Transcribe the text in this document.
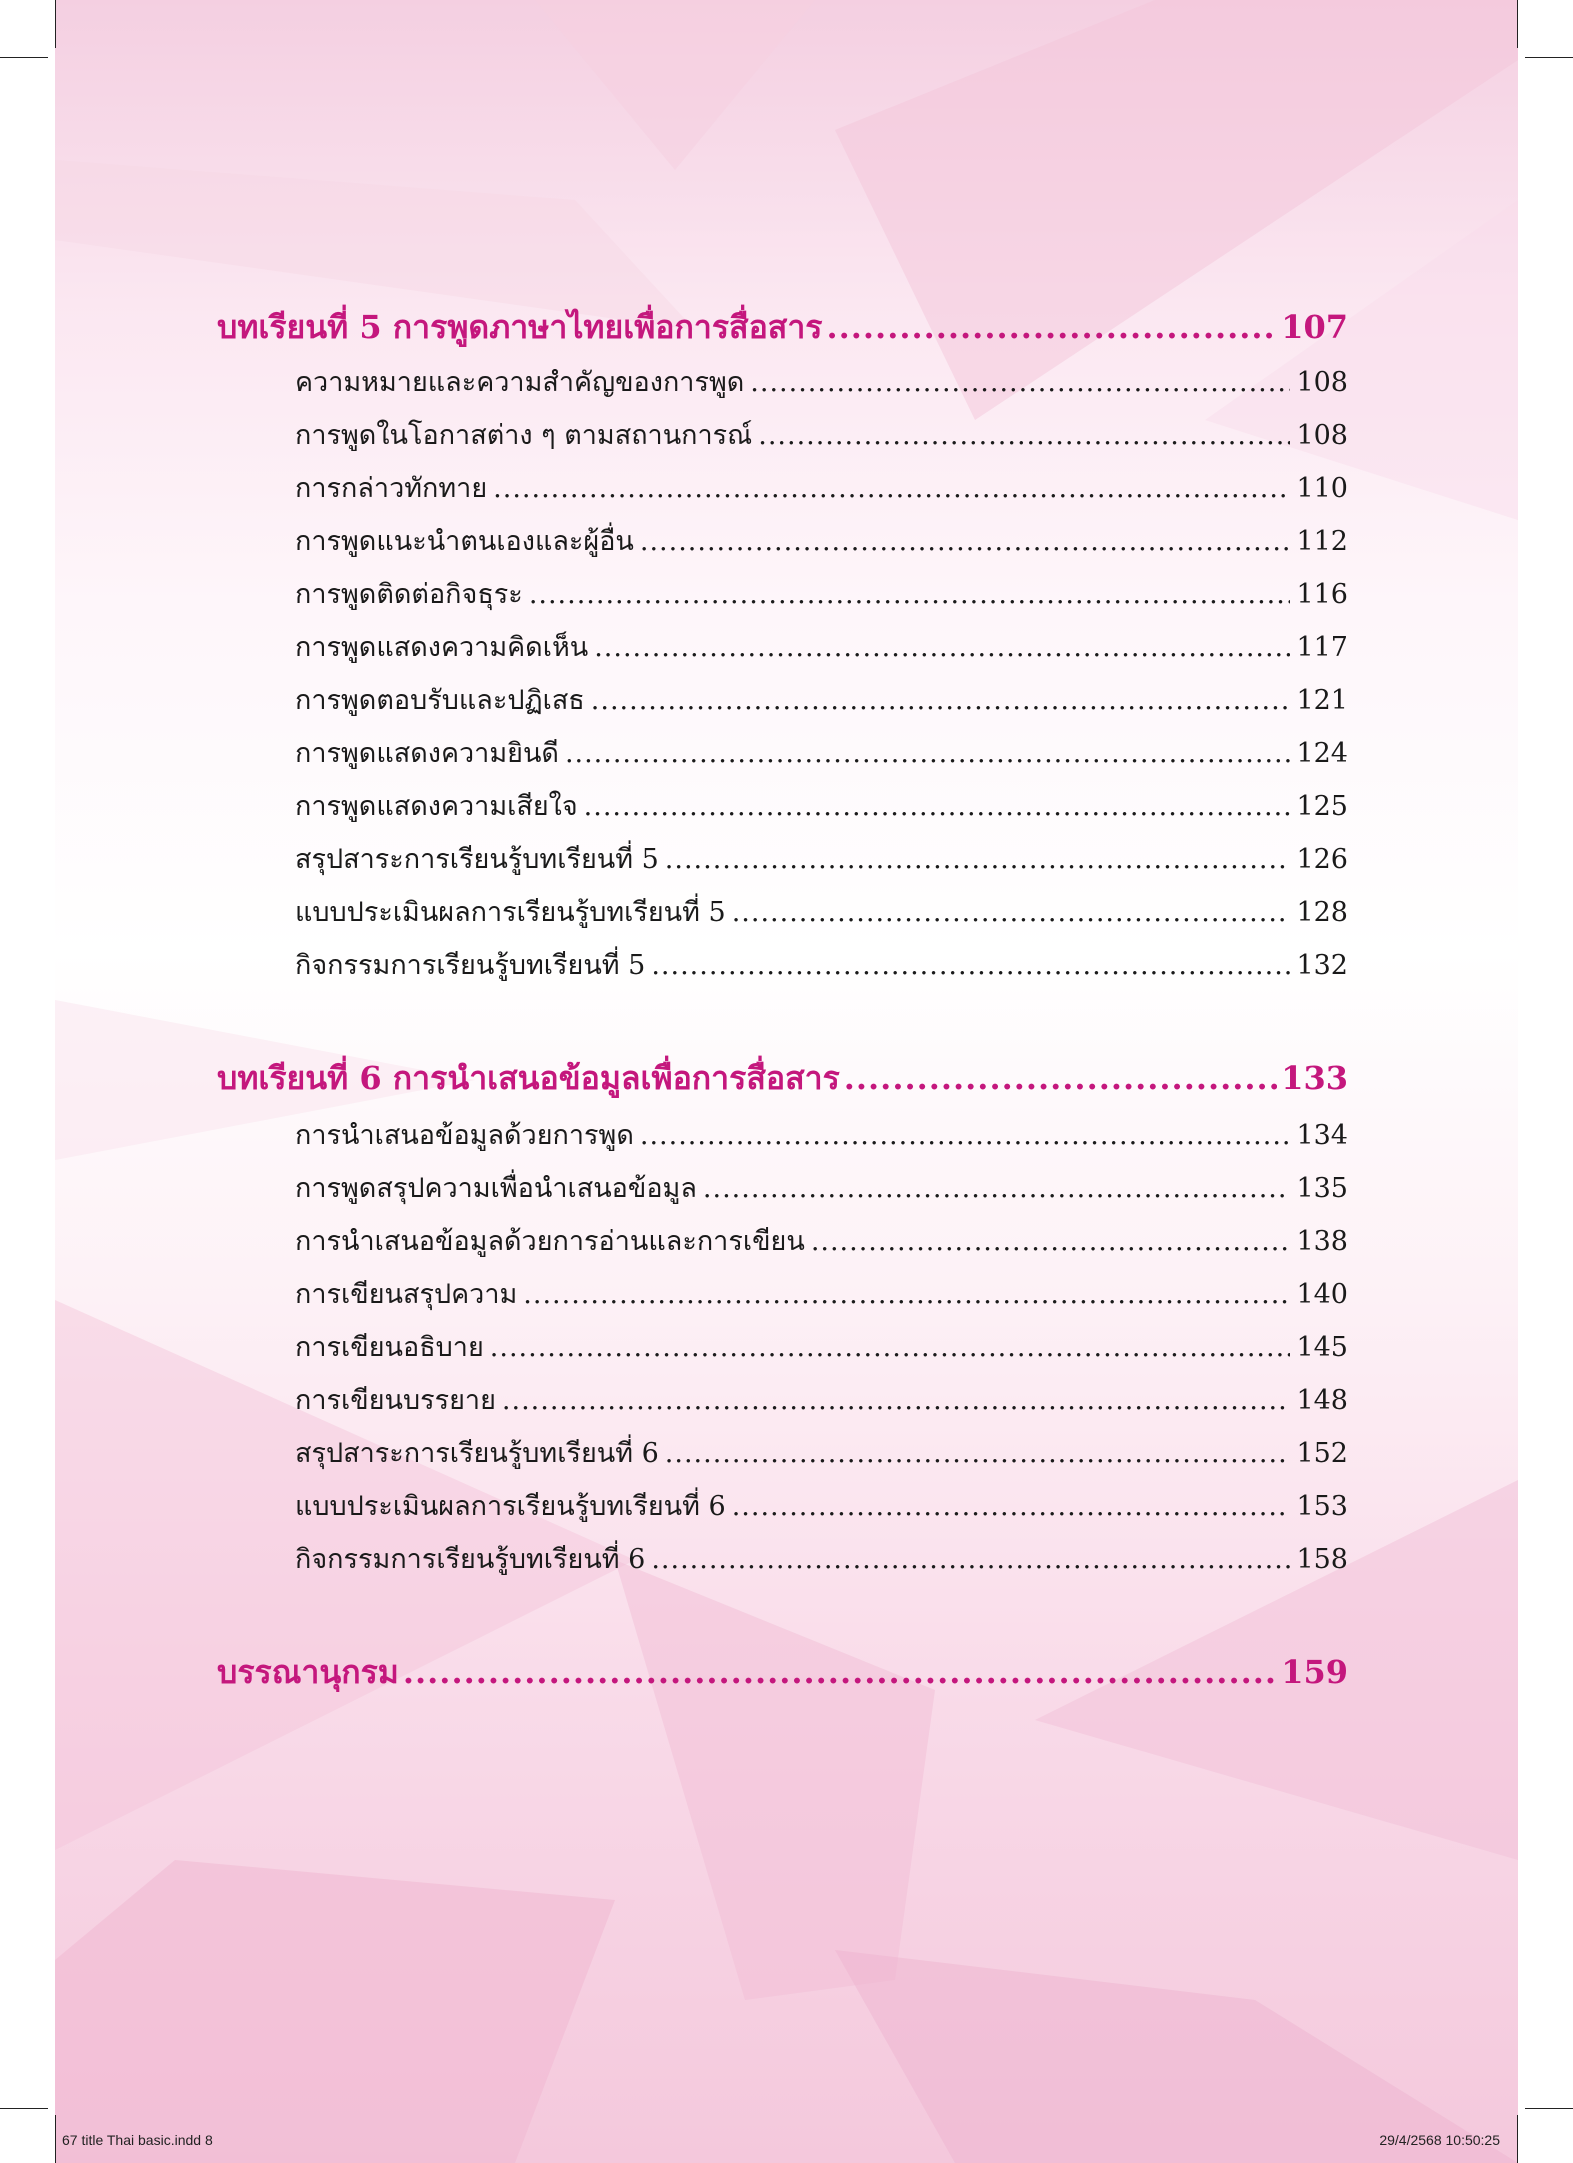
บทเรียนที่ 5 การพูดภาษาไทยเพื่อการสื่อสาร .....	107
ความหมายและความสำคัญของการพูด .....	108
การพูดในโอกาสต่าง ๆ ตามสถานการณ์ .....	108
การกล่าวทักทาย .....	110
การพูดแนะนำตนเองและผู้อื่น .....	112
การพูดติดต่อกิจธุระ .....	116
การพูดแสดงความคิดเห็น .....	117
การพูดตอบรับและปฏิเสธ .....	121
การพูดแสดงความยินดี .....	124
การพูดแสดงความเสียใจ .....	125
สรุปสาระการเรียนรู้บทเรียนที่ 5 .....	126
แบบประเมินผลการเรียนรู้บทเรียนที่ 5 .....	128
กิจกรรมการเรียนรู้บทเรียนที่ 5 .....	132
บทเรียนที่ 6 การนำเสนอข้อมูลเพื่อการสื่อสาร .....	133
การนำเสนอข้อมูลด้วยการพูด .....	134
การพูดสรุปความเพื่อนำเสนอข้อมูล .....	135
การนำเสนอข้อมูลด้วยการอ่านและการเขียน .....	138
การเขียนสรุปความ .....	140
การเขียนอธิบาย .....	145
การเขียนบรรยาย .....	148
สรุปสาระการเรียนรู้บทเรียนที่ 6 .....	152
แบบประเมินผลการเรียนรู้บทเรียนที่ 6 .....	153
กิจกรรมการเรียนรู้บทเรียนที่ 6 .....	158
บรรณานุกรม .....	159
67 title Thai basic.indd 8	29/4/2568 10:50:25
